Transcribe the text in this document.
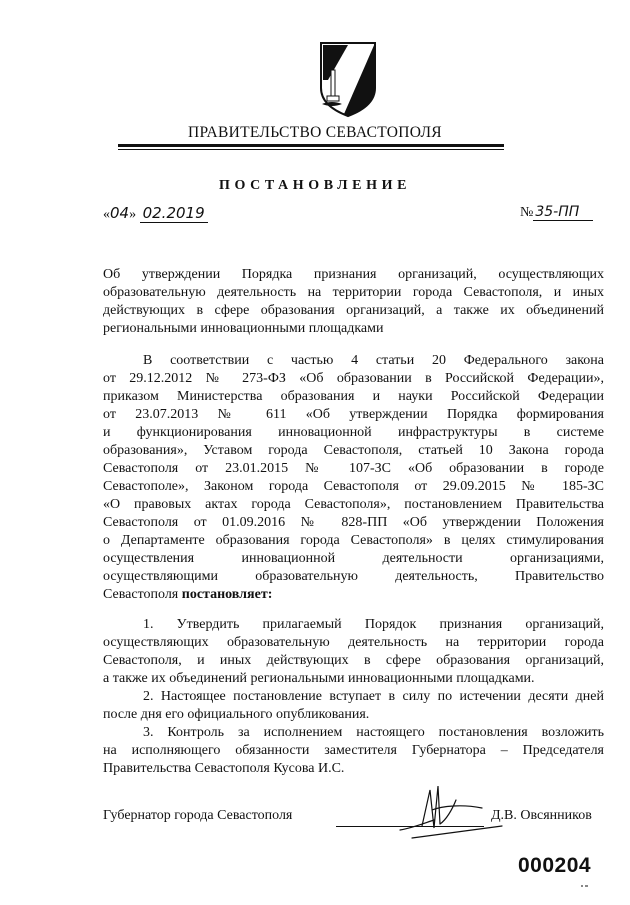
ПРАВИТЕЛЬСТВО СЕВАСТОПОЛЯ
ПОСТАНОВЛЕНИЕ
«04» 02.2019	№ 35-ПП
Об утверждении Порядка признания организаций, осуществляющих
образовательную деятельность на территории города Севастополя, и иных
действующих в сфере образования организаций, а также их объединений
региональными инновационными площадками
В соответствии с частью 4 статьи 20 Федерального закона
от 29.12.2012 № 273-ФЗ «Об образовании в Российской Федерации»,
приказом Министерства образования и науки Российской Федерации
от 23.07.2013 № 611 «Об утверждении Порядка формирования
и функционирования инновационной инфраструктуры в системе
образования», Уставом города Севастополя, статьей 10 Закона города
Севастополя от 23.01.2015 № 107-ЗС «Об образовании в городе
Севастополе», Законом города Севастополя от 29.09.2015 № 185-ЗС
«О правовых актах города Севастополя», постановлением Правительства
Севастополя от 01.09.2016 № 828-ПП «Об утверждении Положения
о Департаменте образования города Севастополя» в целях стимулирования
осуществления инновационной деятельности организациями,
осуществляющими образовательную деятельность, Правительство
Севастополя постановляет:
1. Утвердить прилагаемый Порядок признания организаций,
осуществляющих образовательную деятельность на территории города
Севастополя, и иных действующих в сфере образования организаций,
а также их объединений региональными инновационными площадками.
2. Настоящее постановление вступает в силу по истечении десяти дней
после дня его официального опубликования.
3. Контроль за исполнением настоящего постановления возложить
на исполняющего обязанности заместителя Губернатора – Председателя
Правительства Севастополя Кусова И.С.
Губернатор города Севастополя	Д.В. Овсянников
000204
